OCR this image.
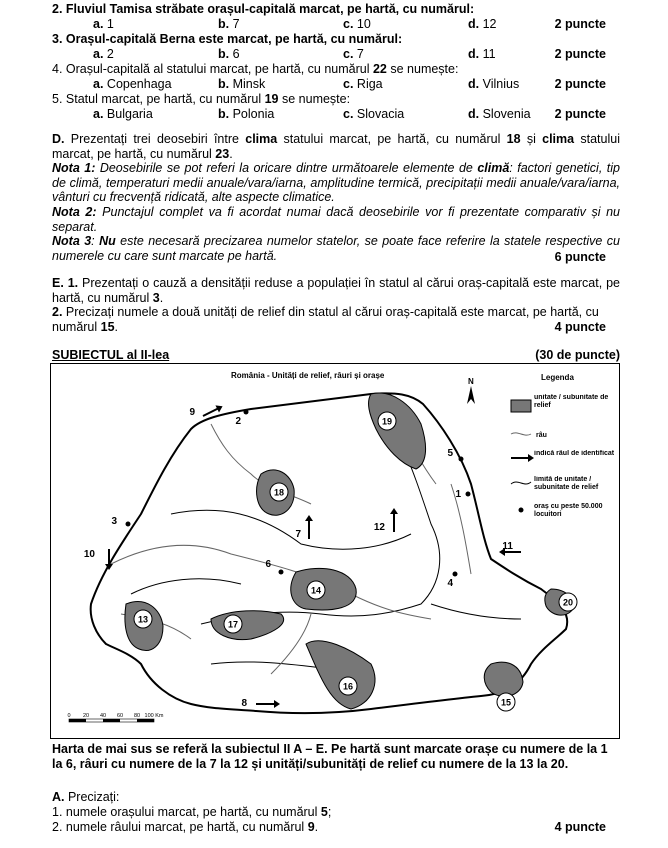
2. Fluviul Tamisa străbate orașul-capitală marcat, pe hartă, cu numărul:
a. 1	b. 7	c. 10	d. 12	2 puncte
3. Orașul-capitală Berna este marcat, pe hartă, cu numărul:
a. 2	b. 6	c. 7	d. 11	2 puncte
4. Orașul-capitală al statului marcat, pe hartă, cu numărul 22 se numește:
a. Copenhaga	b. Minsk	c. Riga	d. Vilnius	2 puncte
5. Statul marcat, pe hartă, cu numărul 19 se numește:
a. Bulgaria	b. Polonia	c. Slovacia	d. Slovenia 2 puncte
D. Prezentați trei deosebiri între clima statului marcat, pe hartă, cu numărul 18 și clima statului marcat, pe hartă, cu numărul 23.
Nota 1: Deosebirile se pot referi la oricare dintre următoarele elemente de climă: factori genetici, tip de climă, temperaturi medii anuale/vara/iarna, amplitudine termică, precipitații medii anuale/vara/iarna, vânturi cu frecvență ridicată, alte aspecte climatice.
Nota 2: Punctajul complet va fi acordat numai dacă deosebirile vor fi prezentate comparativ și nu separat.
Nota 3: Nu este necesară precizarea numelor statelor, se poate face referire la statele respective cu numerele cu care sunt marcate pe hartă.	6 puncte
E. 1. Prezentați o cauză a densității reduse a populației în statul al cărui oraș-capitală este marcat, pe hartă, cu numărul 3.
2. Precizați numele a două unități de relief din statul al cărui oraș-capitală este marcat, pe hartă, cu
numărul 15.	4 puncte
SUBIECTUL al II-lea	(30 de puncte)
13
14
15
16
17
18
19
20
1
2
3
4
5
6
7
8
9
10
11
12
România - Unități de relief, râuri și orașe
N	Legenda
unitate / subunitate de relief
râu
indică râul de identificat
limită de unitate / subunitate de relief
oraș cu peste 50.000 locuitori
0 20 40 60 80 100 Km
Harta de mai sus se referă la subiectul II A – E. Pe hartă sunt marcate orașe cu numere de la 1 la 6, râuri cu numere de la 7 la 12 și unități/subunități de relief cu numere de la 13 la 20.
A. Precizați:
1. numele orașului marcat, pe hartă, cu numărul 5;
2. numele râului marcat, pe hartă, cu numărul 9.	4 puncte
